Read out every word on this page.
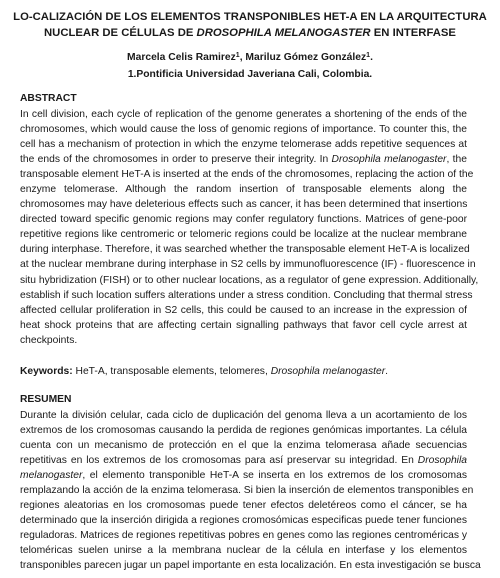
LO-CALIZACIÓN DE LOS ELEMENTOS TRANSPONIBLES HET-A EN LA ARQUITECTURA
NUCLEAR DE CÉLULAS DE DROSOPHILA MELANOGASTER EN INTERFASE
Marcela Celis Ramirez$^1$, Mariluz Gómez González$^1$.
1.Pontificia Universidad Javeriana Cali, Colombia.
ABSTRACT
In cell division, each cycle of replication of the genome generates a shortening of the ends of the
chromosomes, which would cause the loss of genomic regions of importance. To counter this, the
cell has a mechanism of protection in which the enzyme telomerase adds repetitive sequences at
the ends of the chromosomes in order to preserve their integrity. In Drosophila melanogaster, the
transposable element HeT-A is inserted at the ends of the chromosomes, replacing the action of the
enzyme telomerase. Although the random insertion of transposable elements along the
chromosomes may have deleterious effects such as cancer, it has been determined that insertions
directed toward specific genomic regions may confer regulatory functions. Matrices of gene-poor
repetitive regions like centromeric or telomeric regions could be localize at the nuclear membrane
during interphase. Therefore, it was searched whether the transposable element HeT-A is localized
at the nuclear membrane during interphase in S2 cells by immunofluorescence (IF) - fluorescence in
situ hybridization (FISH) or to other nuclear locations, as a regulator of gene expression. Additionally,
establish if such location suffers alterations under a stress condition. Concluding that thermal stress
affected cellular proliferation in S2 cells, this could be caused to an increase in the expression of
heat shock proteins that are affecting certain signalling pathways that favor cell cycle arrest at
checkpoints.
Keywords: HeT-A, transposable elements, telomeres, Drosophila melanogaster.
RESUMEN
Durante la división celular, cada ciclo de duplicación del genoma lleva a un acortamiento de los
extremos de los cromosomas causando la perdida de regiones genómicas importantes. La célula
cuenta con un mecanismo de protección en el que la enzima telomerasa añade secuencias
repetitivas en los extremos de los cromosomas para así preservar su integridad. En Drosophila
melanogaster, el elemento transponible HeT-A se inserta en los extremos de los cromosomas
remplazando la acción de la enzima telomerasa. Si bien la inserción de elementos transponibles en
regiones aleatorias en los cromosomas puede tener efectos deletéreos como el cáncer, se ha
determinado que la inserción dirigida a regiones cromosómicas especificas puede tener funciones
reguladoras. Matrices de regiones repetitivas pobres en genes como las regiones centroméricas y
teloméricas suelen unirse a la membrana nuclear de la célula en interfase y los elementos
transponibles parecen jugar un papel importante en esta localización. En esta investigación se busca
